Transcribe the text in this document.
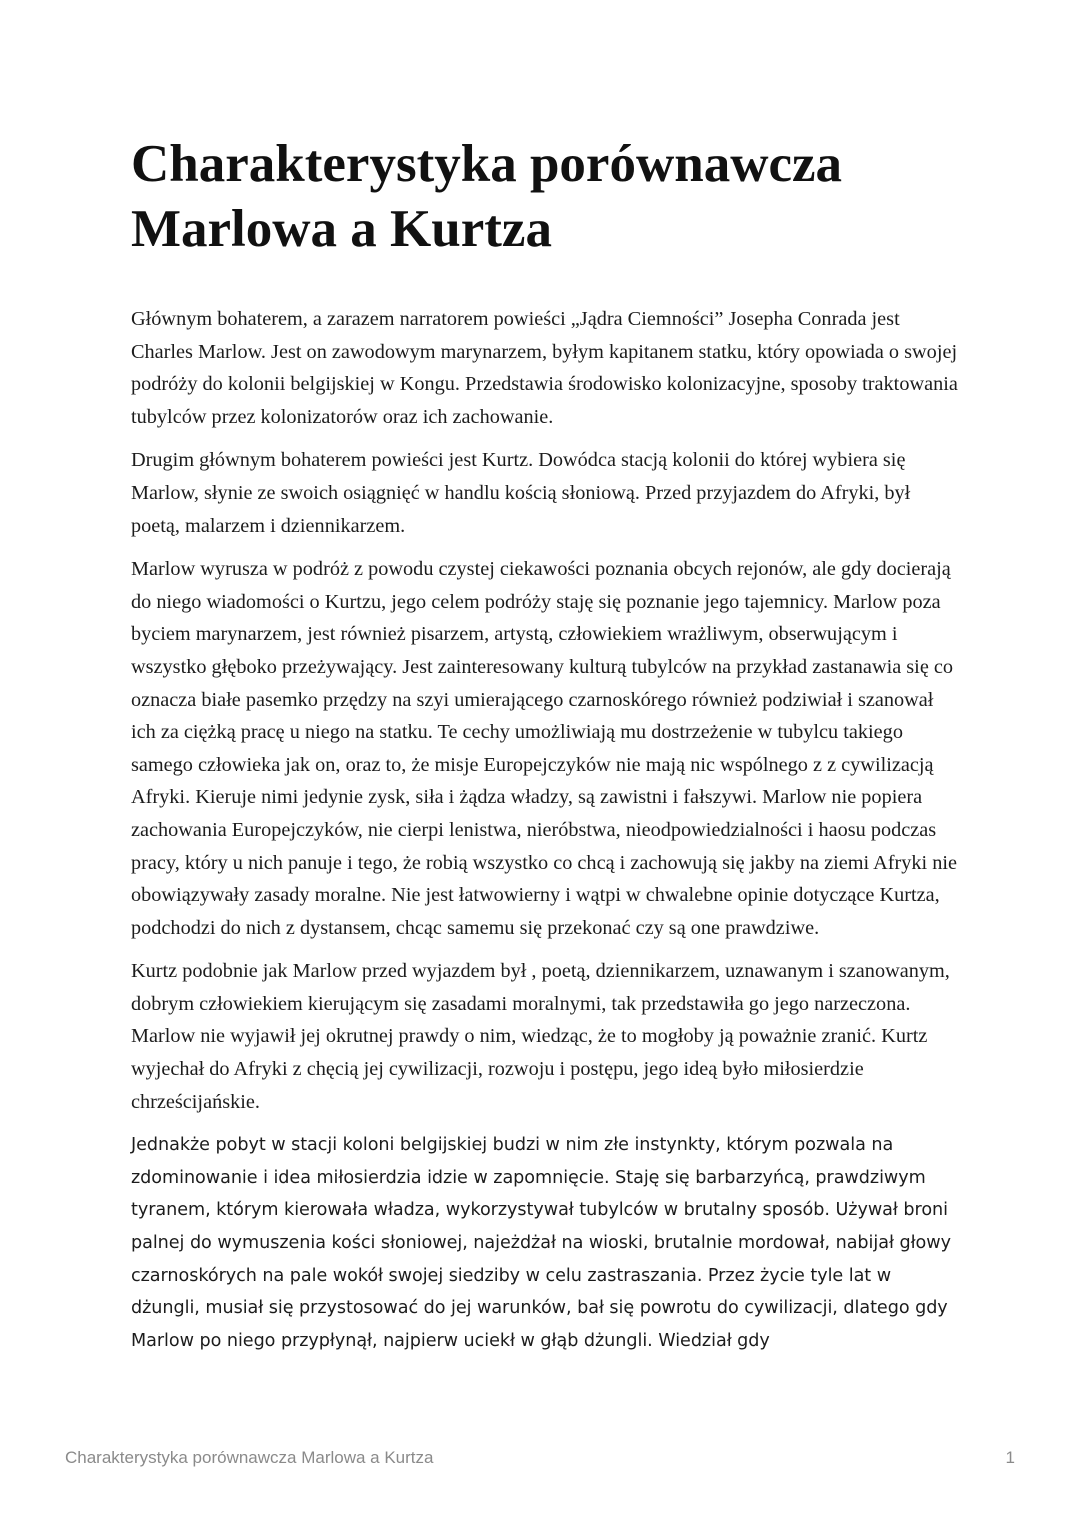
Charakterystyka porównawcza Marlowa a Kurtza

Głównym bohaterem, a zarazem narratorem powieści „Jądra Ciemności” Josepha Conrada jest Charles Marlow. Jest on zawodowym marynarzem, byłym kapitanem statku, który opowiada o swojej podróży do kolonii belgijskiej w Kongu. Przedstawia środowisko kolonizacyjne, sposoby traktowania tubylców przez kolonizatorów oraz ich zachowanie.

Drugim głównym bohaterem powieści jest Kurtz. Dowódca stacją kolonii do której wybiera się Marlow, słynie ze swoich osiągnięć w handlu kością słoniową. Przed przyjazdem do Afryki, był poetą, malarzem i dziennikarzem.

Marlow wyrusza w podróż z powodu czystej ciekawości poznania obcych rejonów, ale gdy docierają do niego wiadomości o Kurtzu, jego celem podróży staję się poznanie jego tajemnicy. Marlow poza byciem marynarzem, jest również pisarzem, artystą, człowiekiem wrażliwym, obserwującym i wszystko głęboko przeżywający. Jest zainteresowany kulturą tubylców na przykład zastanawia się co oznacza białe pasemko przędzy na szyi umierającego czarnoskórego również podziwiał i szanował ich za ciężką pracę u niego na statku. Te cechy umożliwiają mu dostrzeżenie w tubylcu takiego samego człowieka jak on, oraz to, że misje Europejczyków nie mają nic wspólnego z z cywilizacją Afryki. Kieruje nimi jedynie zysk, siła i żądza władzy, są zawistni i fałszywi. Marlow nie popiera zachowania Europejczyków, nie cierpi lenistwa, nieróbstwa, nieodpowiedzialności i haosu podczas pracy, który u nich panuje i tego, że robią wszystko co chcą i zachowują się jakby na ziemi Afryki nie obowiązywały zasady moralne. Nie jest łatwowierny i wątpi w chwalebne opinie dotyczące Kurtza, podchodzi do nich z dystansem, chcąc samemu się przekonać czy są one prawdziwe.

Kurtz podobnie jak Marlow przed wyjazdem był , poetą, dziennikarzem, uznawanym i szanowanym, dobrym człowiekiem kierującym się zasadami moralnymi, tak przedstawiła go jego narzeczona. Marlow nie wyjawił jej okrutnej prawdy o nim, wiedząc, że to mogłoby ją poważnie zranić. Kurtz wyjechał do Afryki z chęcią jej cywilizacji, rozwoju i postępu, jego ideą było miłosierdzie chrześcijańskie.

Jednakże pobyt w stacji koloni belgijskiej budzi w nim złe instynkty, którym pozwala na zdominowanie i idea miłosierdzia idzie w zapomnięcie. Staję się barbarzyńcą, prawdziwym tyranem, którym kierowała władza, wykorzystywał tubylców w brutalny sposób. Używał broni palnej do wymuszenia kości słoniowej, najeżdżał na wioski, brutalnie mordował, nabijał głowy czarnoskórych na pale wokół swojej siedziby w celu zastraszania. Przez życie tyle lat w dżungli, musiał się przystosować do jej warunków, bał się powrotu do cywilizacji, dlatego gdy Marlow po niego przypłynął, najpierw uciekł w głąb dżungli. Wiedział gdy

Charakterystyka porównawcza Marlowa a Kurtza	1
